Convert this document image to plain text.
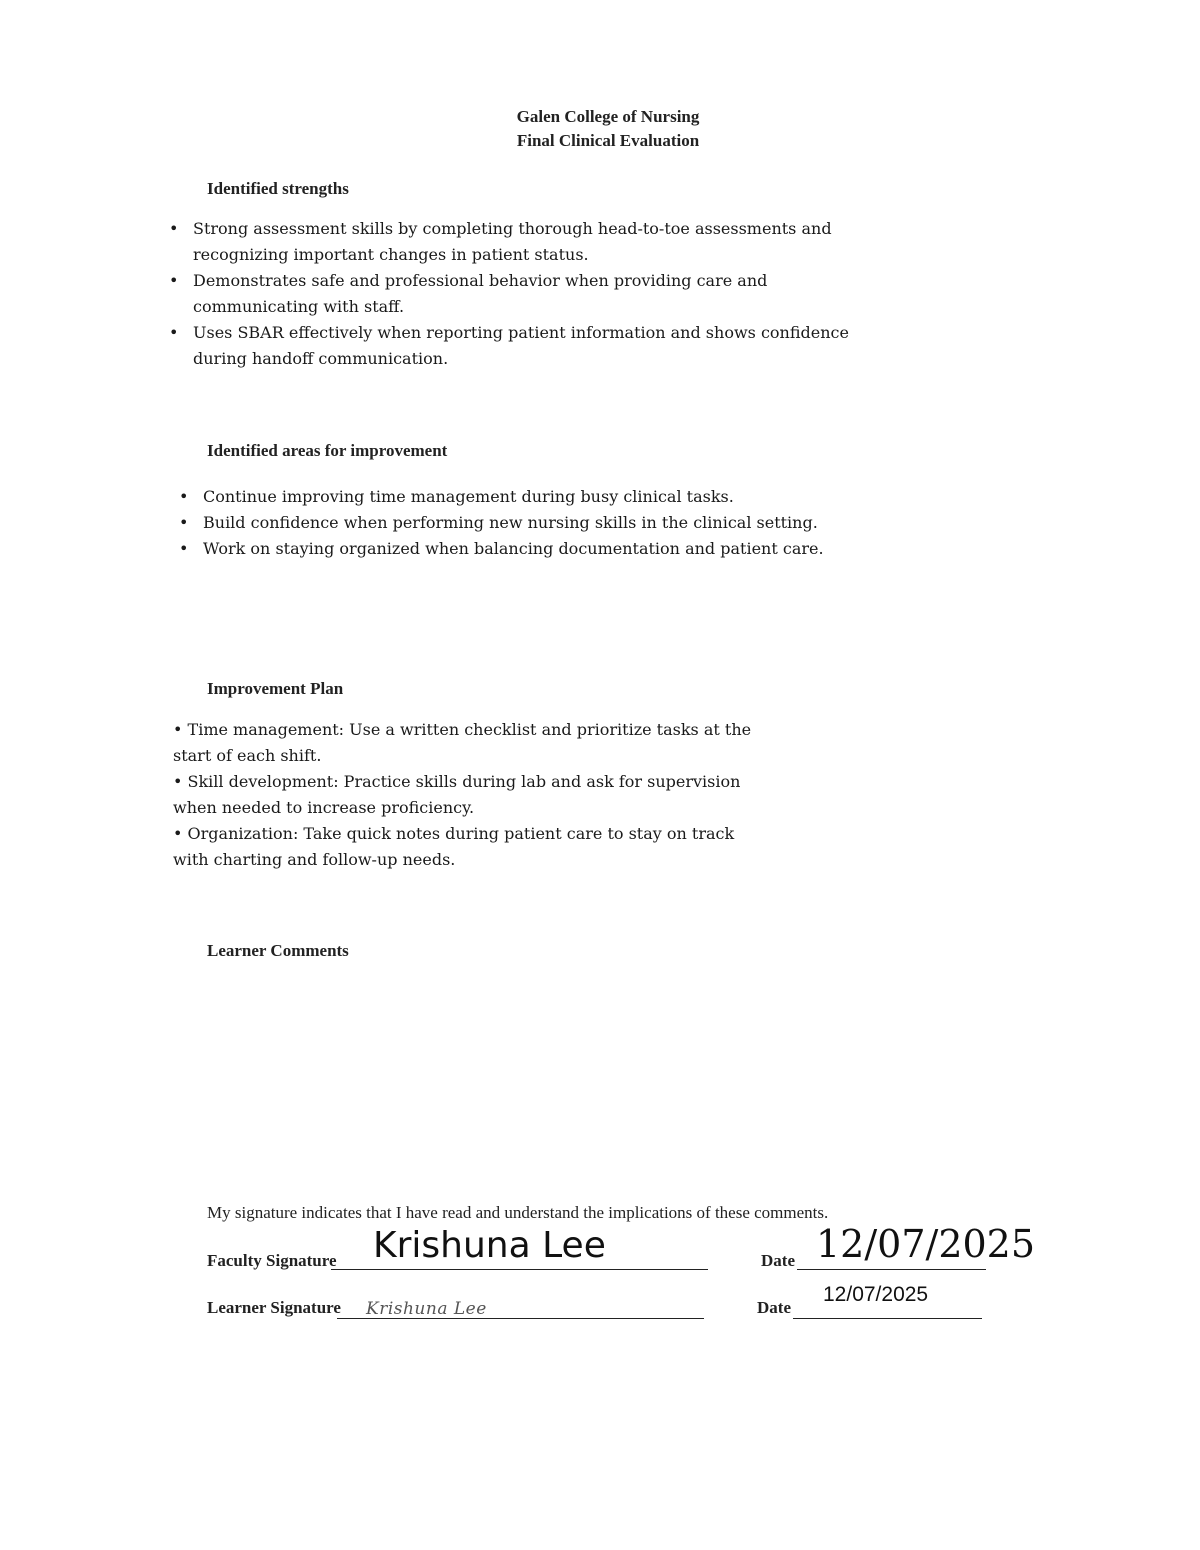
Galen College of Nursing
Final Clinical Evaluation
Identified strengths
• Strong assessment skills by completing thorough head-to-toe assessments and recognizing important changes in patient status.
• Demonstrates safe and professional behavior when providing care and communicating with staff.
• Uses SBAR effectively when reporting patient information and shows confidence during handoff communication.
Identified areas for improvement
• Continue improving time management during busy clinical tasks.
• Build confidence when performing new nursing skills in the clinical setting.
• Work on staying organized when balancing documentation and patient care.
Improvement Plan

• Time management: Use a written checklist and prioritize tasks at the start of each shift.

• Skill development: Practice skills during lab and ask for supervision when needed to increase proficiency.

• Organization: Take quick notes during patient care to stay on track with charting and follow-up needs.

Learner Comments
My signature indicates that I have read and understand the implications of these comments.
Faculty Signature Krishuna Lee	Date 12/07/2025
Learner Signature Krishuna Lee	Date
12/07/2025
